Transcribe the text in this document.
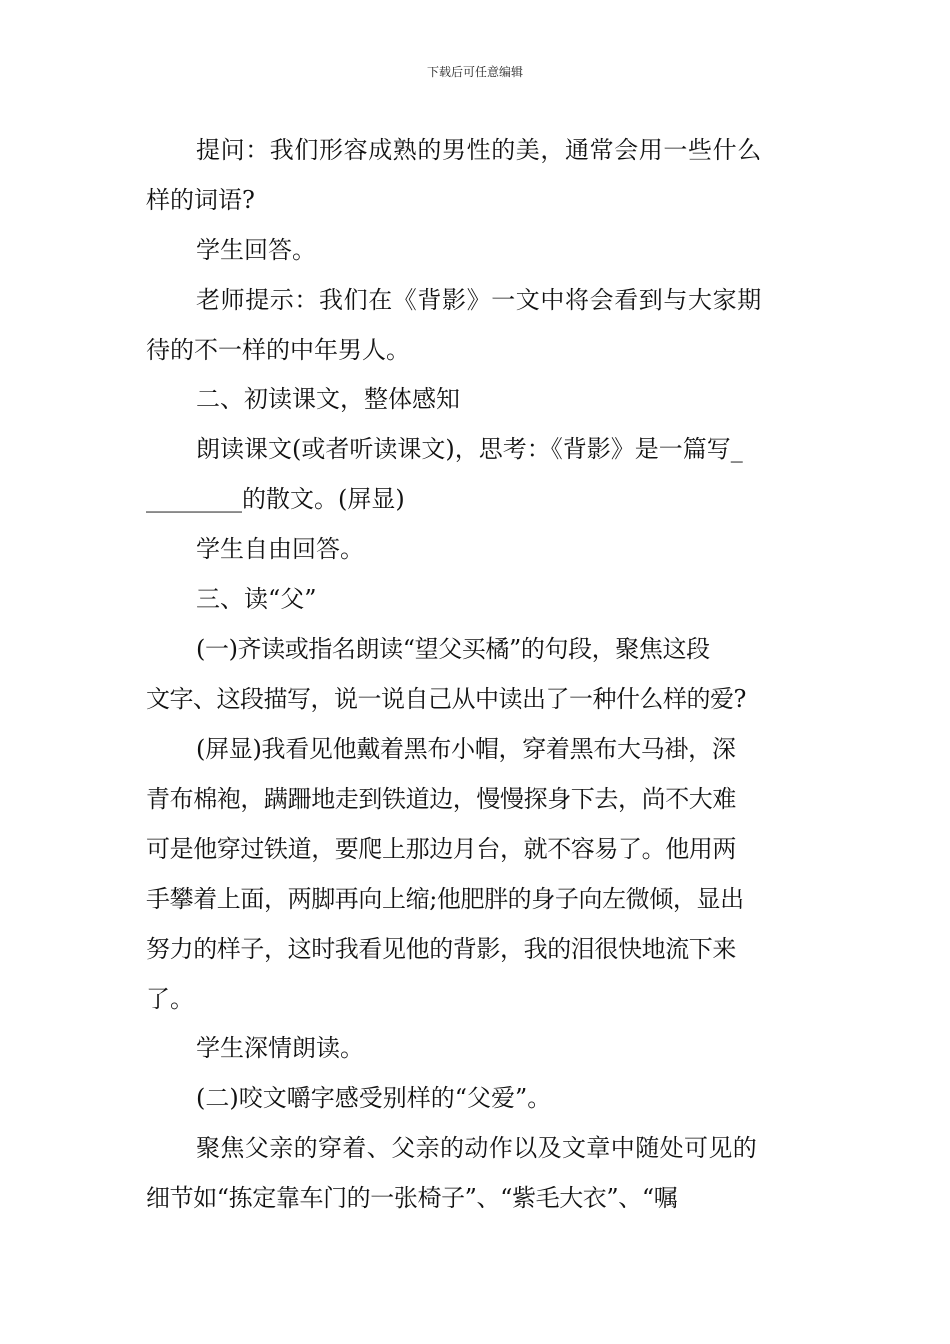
下载后可任意编辑
提问：我们形容成熟的男性的美，通常会用一些什么
样的词语?
学生回答。
老师提示：我们在《背影》一文中将会看到与大家期
待的不一样的中年男人。
二、初读课文，整体感知
朗读课文(或者听读课文)，思考：《背影》是一篇写_
________的散文。(屏显)
学生自由回答。
三、读“父”
(一)齐读或指名朗读“望父买橘”的句段，聚焦这段
文字、这段描写，说一说自己从中读出了一种什么样的爱?
(屏显)我看见他戴着黑布小帽，穿着黑布大马褂，深
青布棉袍，蹒跚地走到铁道边，慢慢探身下去，尚不大难
可是他穿过铁道，要爬上那边月台，就不容易了。他用两
手攀着上面，两脚再向上缩;他肥胖的身子向左微倾，显出
努力的样子，这时我看见他的背影，我的泪很快地流下来
了。
学生深情朗读。
(二)咬文嚼字感受别样的“父爱”。
聚焦父亲的穿着、父亲的动作以及文章中随处可见的
细节如“拣定靠车门的一张椅子”、“紫毛大衣”、“嘱
